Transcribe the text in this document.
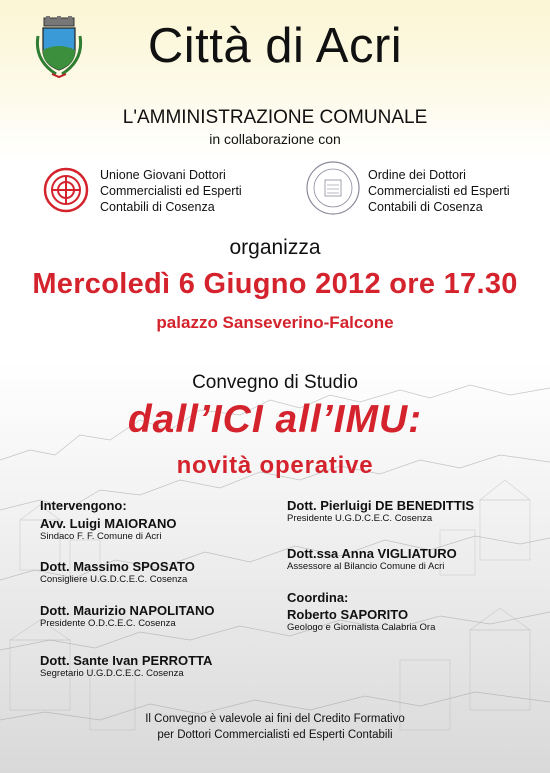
Città di Acri
L'AMMINISTRAZIONE COMUNALE
in collaborazione con
Unione Giovani Dottori
Commercialisti ed Esperti
Contabili di Cosenza
Ordine dei Dottori
Commercialisti ed Esperti
Contabili di Cosenza
organizza
Mercoledì 6 Giugno 2012 ore 17.30
palazzo Sanseverino-Falcone
Convegno di Studio
dall’ICI all’IMU:
novità operative
Intervengono:
Avv. Luigi MAIORANO
Sindaco F. F. Comune di Acri
Dott. Massimo SPOSATO
Consigliere U.G.D.C.E.C. Cosenza
Dott. Maurizio NAPOLITANO
Presidente O.D.C.E.C. Cosenza
Dott. Sante Ivan PERROTTA
Segretario U.G.D.C.E.C. Cosenza
Dott. Pierluigi DE BENEDITTIS
Presidente U.G.D.C.E.C. Cosenza
Dott.ssa Anna VIGLIATURO
Assessore al Bilancio Comune di Acri
Coordina:
Roberto SAPORITO
Geologo e Giornalista Calabria Ora
Il Convegno è valevole ai fini del Credito Formativo
per Dottori Commercialisti ed Esperti Contabili
